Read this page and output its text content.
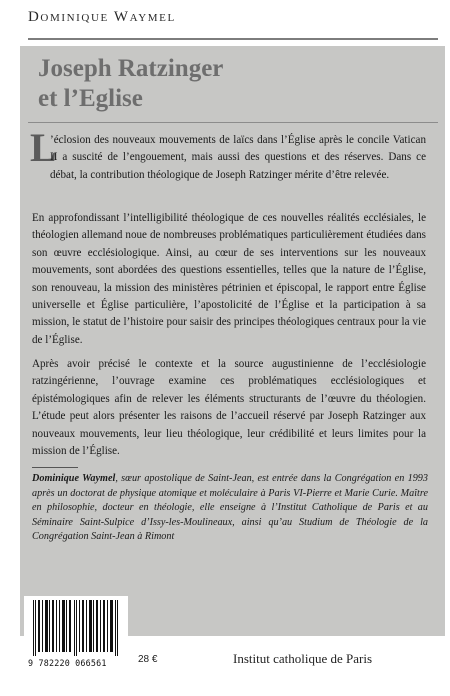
Dominique Waymel
Joseph Ratzinger
et l’Eglise
L
’éclosion des nouveaux mouvements de laïcs dans l’Église après le concile Vatican II a suscité de l’engouement, mais aussi des questions et des réserves. Dans ce débat, la contribution théologique de Joseph Ratzinger mérite d’être relevée.
En approfondissant l’intelligibilité théologique de ces nouvelles réalités ecclésiales, le théologien allemand noue de nombreuses problématiques particulièrement étudiées dans son œuvre ecclésiologique. Ainsi, au cœur de ses interventions sur les nouveaux mouvements, sont abordées des questions essentielles, telles que la nature de l’Église, son renouveau, la mission des ministères pétrinien et épiscopal, le rapport entre Église universelle et Église particulière, l’apostolicité de l’Église et la participation à sa mission, le statut de l’histoire pour saisir des principes théologiques centraux pour la vie de l’Église.
Après avoir précisé le contexte et la source augustinienne de l’ecclésiologie ratzingérienne, l’ouvrage examine ces problématiques ecclésiologiques et épistémologiques afin de relever les éléments structurants de l’œuvre du théologien. L’étude peut alors présenter les raisons de l’accueil réservé par Joseph Ratzinger aux nouveaux mouvements, leur lieu théologique, leur crédibilité et leurs limites pour la mission de l’Église.
Dominique Waymel, sœur apostolique de Saint-Jean, est entrée dans la Congrégation en 1993 après un doctorat de physique atomique et moléculaire à Paris VI-Pierre et Marie Curie. Maître en philosophie, docteur en théologie, elle enseigne à l’Institut Catholique de Paris et au Séminaire Saint-Sulpice d’Issy-les-Moulineaux, ainsi qu’au Studium de Théologie de la Congrégation Saint-Jean à Rimont
9 782220 066561	28 €	Institut catholique de Paris
